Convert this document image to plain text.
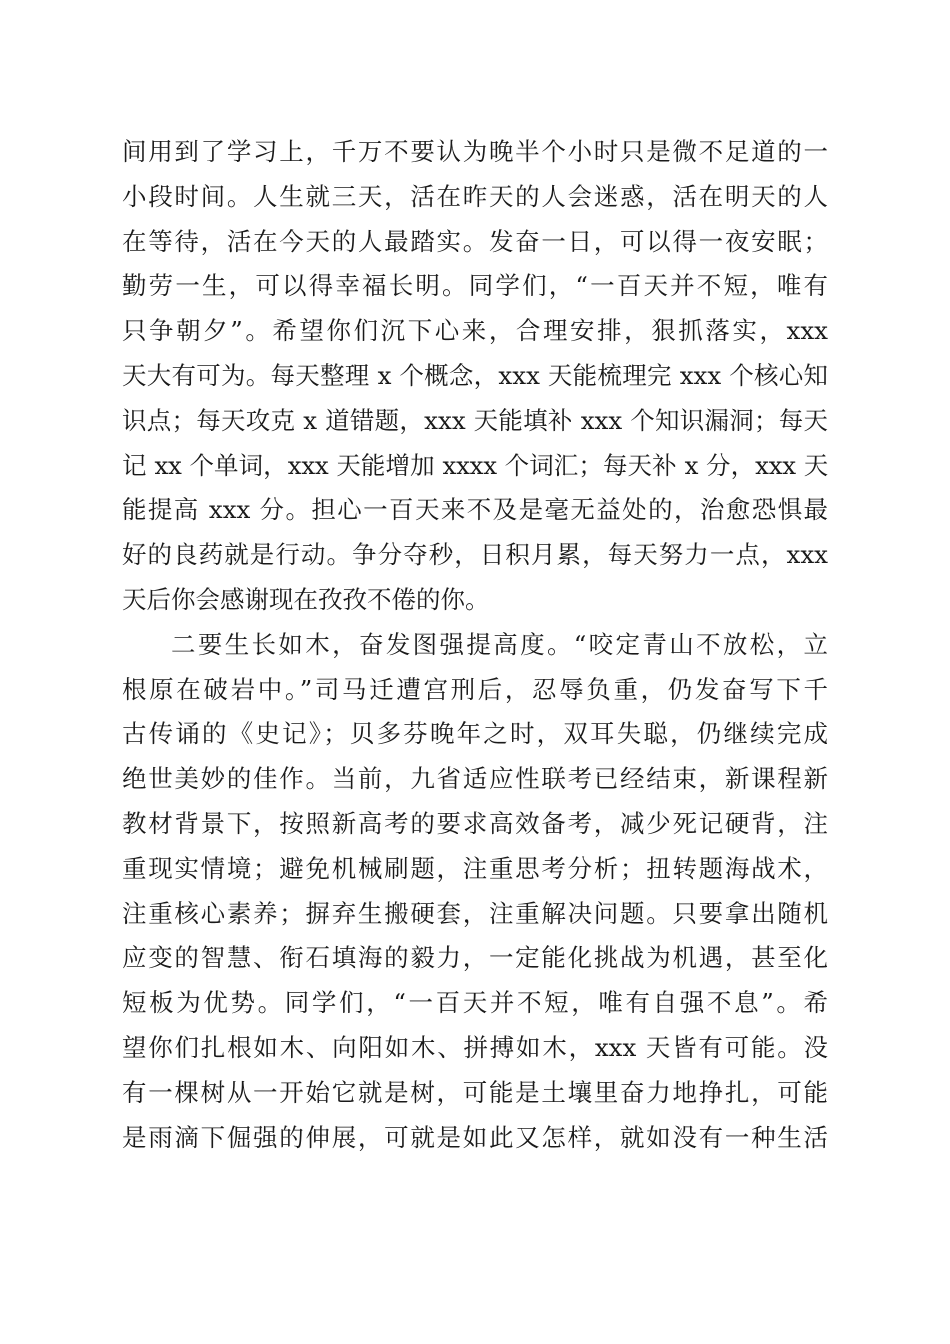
间用到了学习上，千万不要认为晚半个小时只是微不足道的一
小段时间。人生就三天，活在昨天的人会迷惑，活在明天的人
在等待，活在今天的人最踏实。发奋一日，可以得一夜安眠；
勤劳一生，可以得幸福长明。同学们，“一百天并不短，唯有
只争朝夕”。希望你们沉下心来，合理安排，狠抓落实，xxx
天大有可为。每天整理 x 个概念，xxx 天能梳理完 xxx 个核心知
识点；每天攻克 x 道错题，xxx 天能填补 xxx 个知识漏洞；每天
记 xx 个单词，xxx 天能增加 xxxx 个词汇；每天补 x 分，xxx 天
能提高 xxx 分。担心一百天来不及是毫无益处的，治愈恐惧最
好的良药就是行动。争分夺秒，日积月累，每天努力一点，xxx
天后你会感谢现在孜孜不倦的你。
二要生长如木，奋发图强提高度。“咬定青山不放松，立
根原在破岩中。”司马迁遭宫刑后，忍辱负重，仍发奋写下千
古传诵的《史记》；贝多芬晚年之时，双耳失聪，仍继续完成
绝世美妙的佳作。当前，九省适应性联考已经结束，新课程新
教材背景下，按照新高考的要求高效备考，减少死记硬背，注
重现实情境；避免机械刷题，注重思考分析；扭转题海战术，
注重核心素养；摒弃生搬硬套，注重解决问题。只要拿出随机
应变的智慧、衔石填海的毅力，一定能化挑战为机遇，甚至化
短板为优势。同学们，“一百天并不短，唯有自强不息”。希
望你们扎根如木、向阳如木、拼搏如木，xxx 天皆有可能。没
有一棵树从一开始它就是树，可能是土壤里奋力地挣扎，可能
是雨滴下倔强的伸展，可就是如此又怎样，就如没有一种生活
